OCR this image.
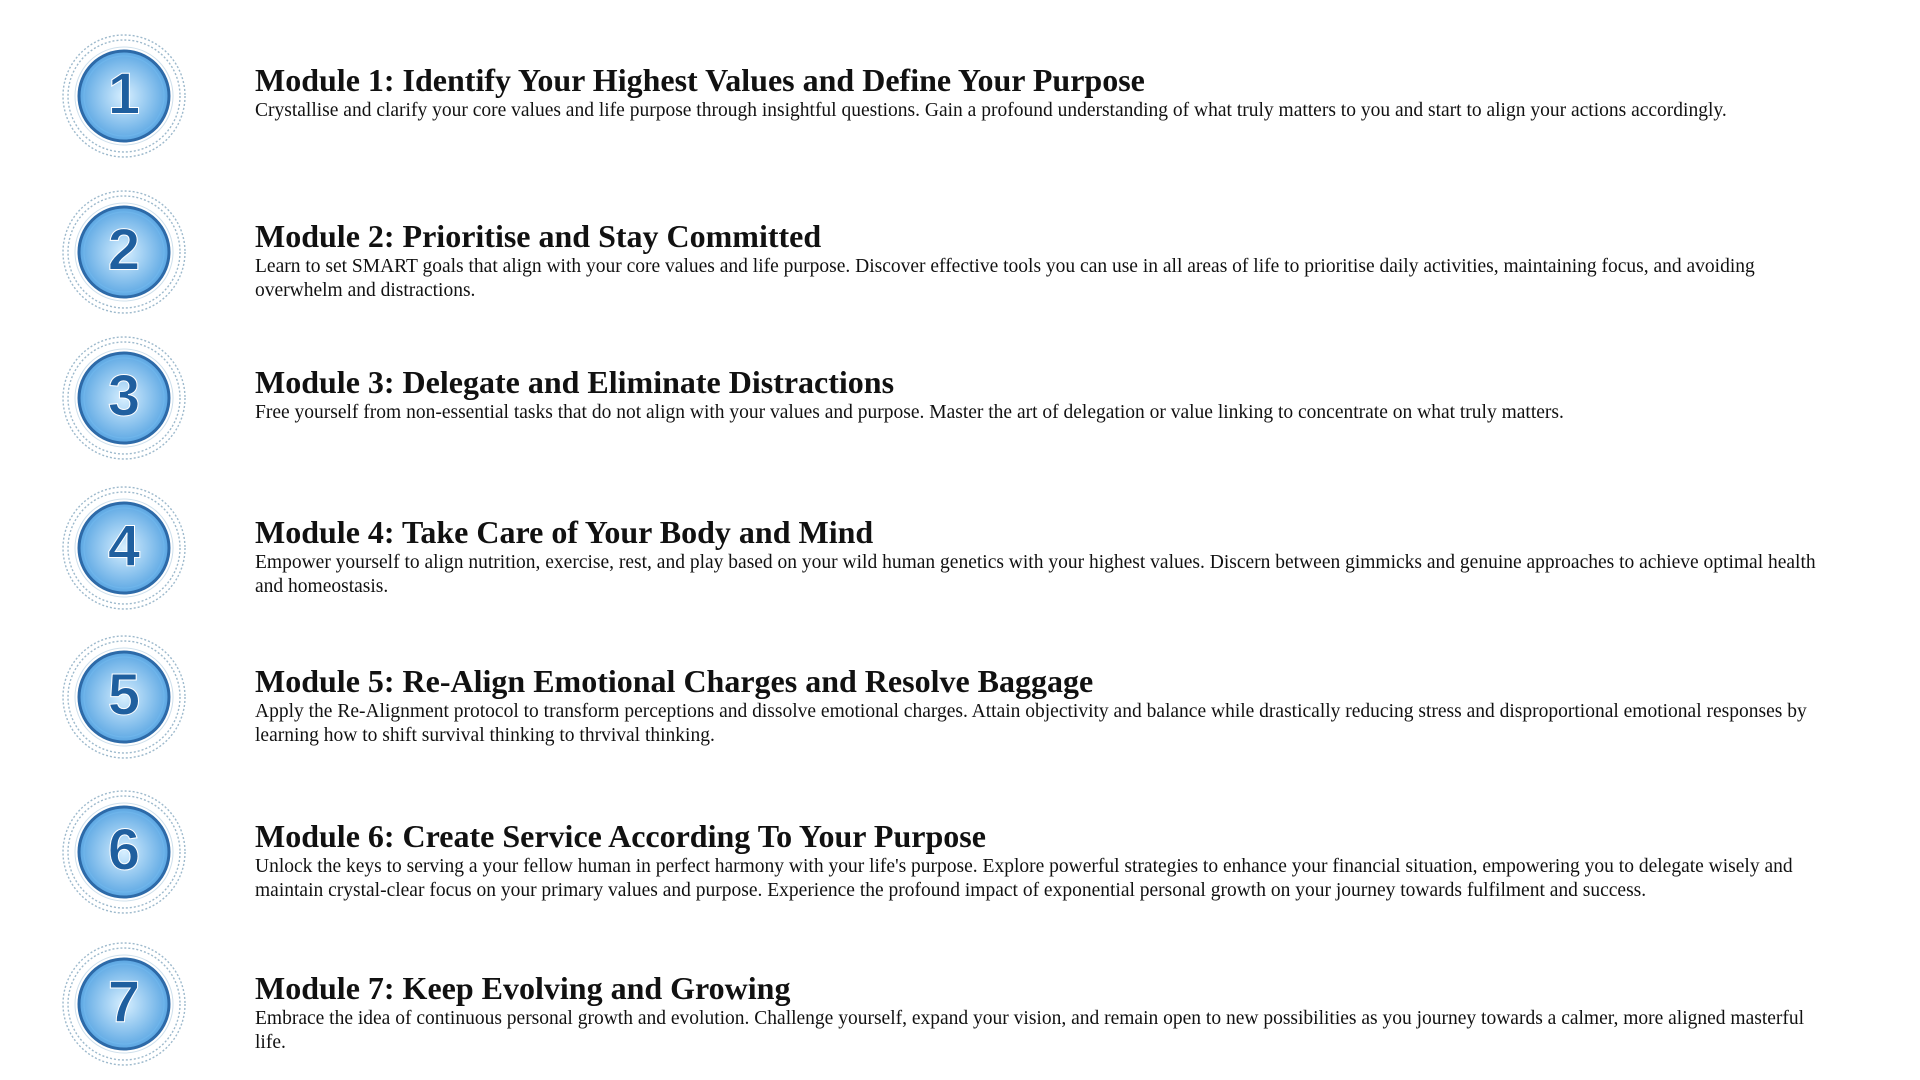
1	Module 1: Identify Your Highest Values and Define Your Purpose
Crystallise and clarify your core values and life purpose through insightful questions. Gain a profound understanding of what truly matters to you and start to align your actions accordingly.
2	Module 2: Prioritise and Stay Committed
Learn to set SMART goals that align with your core values and life purpose. Discover effective tools you can use in all areas of life to prioritise daily activities, maintaining focus, and avoiding overwhelm and distractions.
3	Module 3: Delegate and Eliminate Distractions
Free yourself from non-essential tasks that do not align with your values and purpose. Master the art of delegation or value linking to concentrate on what truly matters.
4	Module 4: Take Care of Your Body and Mind
Empower yourself to align nutrition, exercise, rest, and play based on your wild human genetics with your highest values. Discern between gimmicks and genuine approaches to achieve optimal health and homeostasis.
5	Module 5: Re-Align Emotional Charges and Resolve Baggage
Apply the Re-Alignment protocol to transform perceptions and dissolve emotional charges. Attain objectivity and balance while drastically reducing stress and disproportional emotional responses by learning how to shift survival thinking to thrvival thinking.
6	Module 6: Create Service According To Your Purpose
Unlock the keys to serving a your fellow human in perfect harmony with your life's purpose. Explore powerful strategies to enhance your financial situation, empowering you to delegate wisely and maintain crystal-clear focus on your primary values and purpose. Experience the profound impact of exponential personal growth on your journey towards fulfilment and success.
7	Module 7: Keep Evolving and Growing
Embrace the idea of continuous personal growth and evolution. Challenge yourself, expand your vision, and remain open to new possibilities as you journey towards a calmer, more aligned masterful life.
